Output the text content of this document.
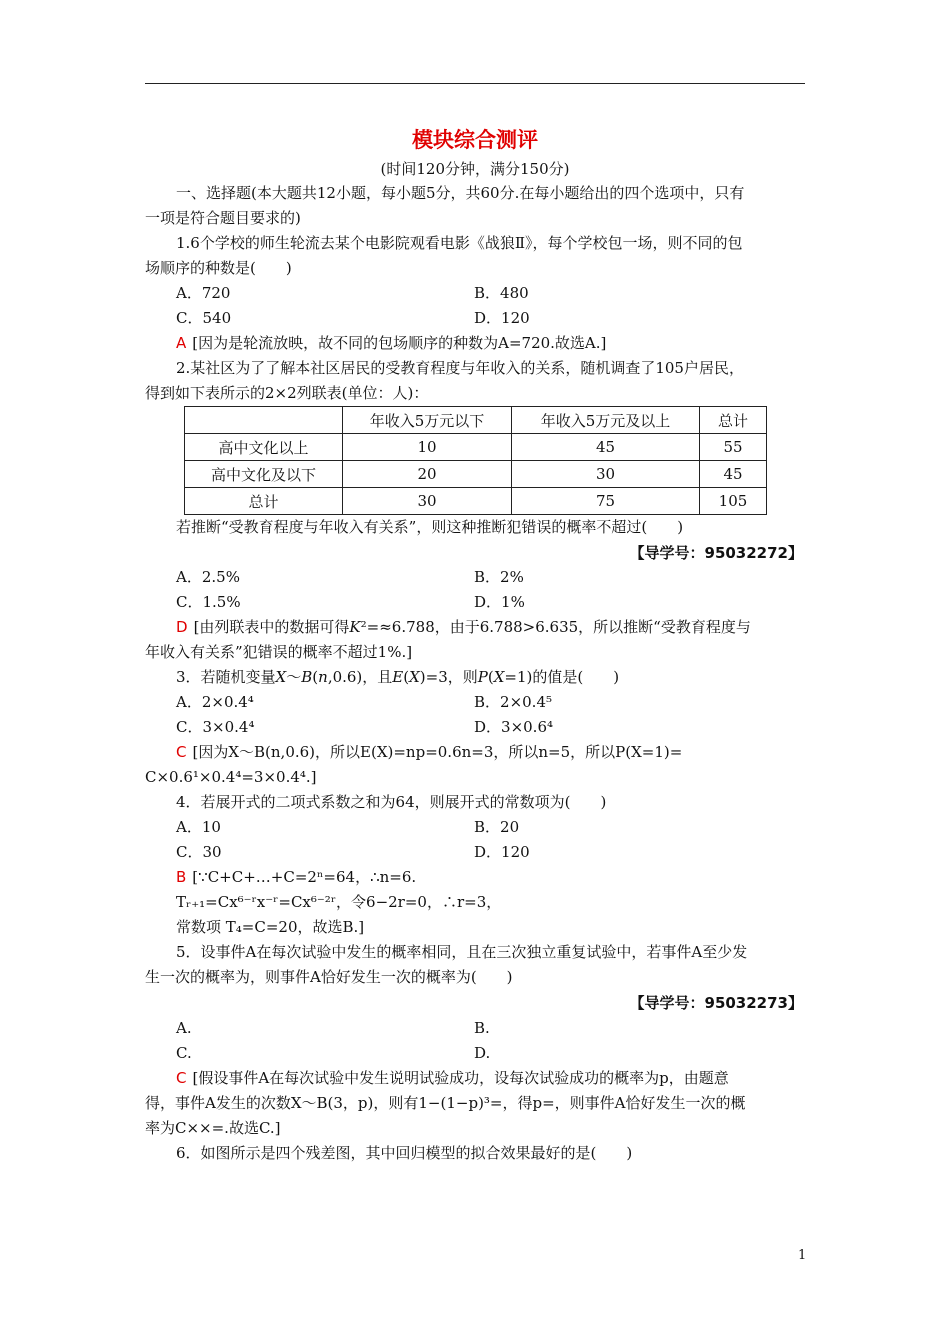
模块综合测评
(时间120分钟，满分150分)
一、选择题(本大题共12小题，每小题5分，共60分.在每小题给出的四个选项中，只有
一项是符合题目要求的)
1.6个学校的师生轮流去某个电影院观看电影《战狼Ⅱ》，每个学校包一场，则不同的包
场顺序的种数是(　　)
A．720	B．480
C．540	D．120
A [因为是轮流放映，故不同的包场顺序的种数为A=720.故选A.]
2.某社区为了了解本社区居民的受教育程度与年收入的关系，随机调查了105户居民，
得到如下表所示的2×2列联表(单位：人)：
	年收入5万元以下	年收入5万元及以上	总计
高中文化以上	10	45	55
高中文化及以下	20	30	45
总计	30	75	105
若推断“受教育程度与年收入有关系”，则这种推断犯错误的概率不超过(　　)
【导学号：95032272】
A．2.5%	B．2%
C．1.5%	D．1%
D [由列联表中的数据可得K²=≈6.788，由于6.788>6.635，所以推断“受教育程度与
年收入有关系”犯错误的概率不超过1%.]
3．若随机变量X～B(n,0.6)，且E(X)=3，则P(X=1)的值是(　　)
A．2×0.4⁴	B．2×0.4⁵
C．3×0.4⁴	D．3×0.6⁴
C [因为X～B(n,0.6)，所以E(X)=np=0.6n=3，所以n=5，所以P(X=1)=
C×0.6¹×0.4⁴=3×0.4⁴.]
4．若展开式的二项式系数之和为64，则展开式的常数项为(　　)
A．10	B．20
C．30	D．120
B [∵C+C+…+C=2ⁿ=64，∴n=6.
Tᵣ₊₁=Cx⁶⁻ʳx⁻ʳ=Cx⁶⁻²ʳ，令6−2r=0，∴r=3，
常数项 T₄=C=20，故选B.]
5．设事件A在每次试验中发生的概率相同，且在三次独立重复试验中，若事件A至少发
生一次的概率为，则事件A恰好发生一次的概率为(　　)
【导学号：95032273】
A.	B.
C.	D.
C [假设事件A在每次试验中发生说明试验成功，设每次试验成功的概率为p，由题意
得，事件A发生的次数X～B(3，p)，则有1−(1−p)³=，得p=，则事件A恰好发生一次的概
率为C××=.故选C.]
6．如图所示是四个残差图，其中回归模型的拟合效果最好的是(　　)
1
